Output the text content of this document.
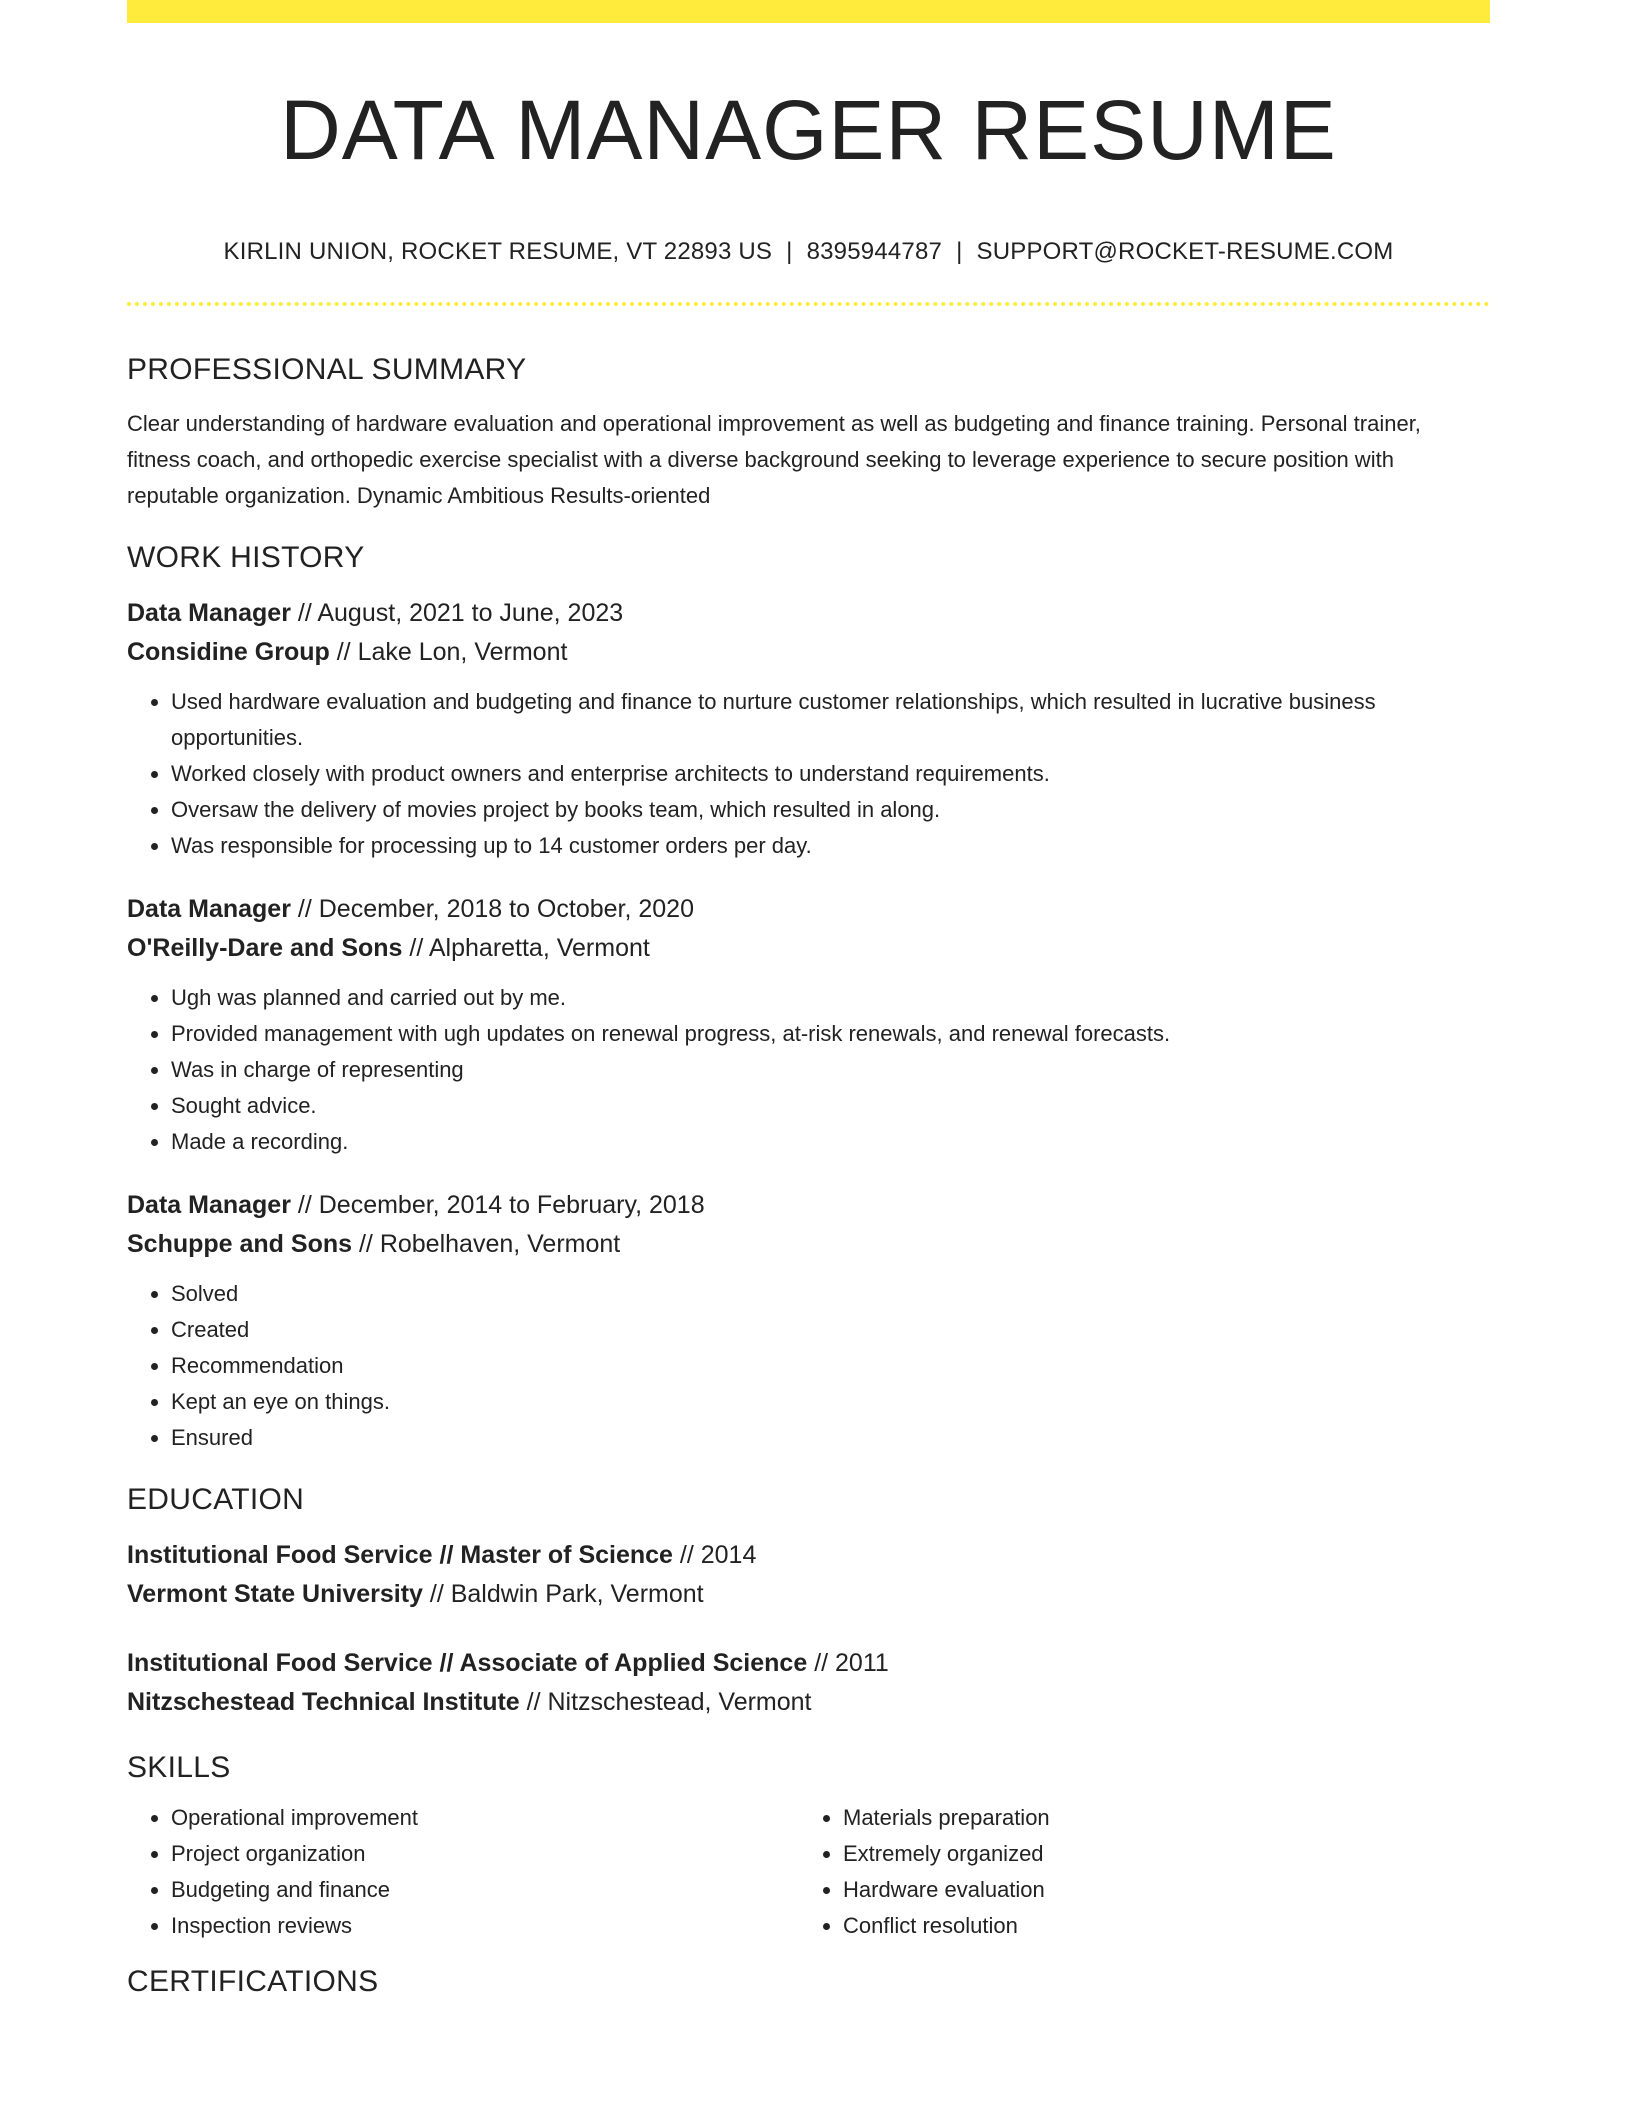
DATA MANAGER RESUME
KIRLIN UNION, ROCKET RESUME, VT 22893 US | 8395944787 | SUPPORT@ROCKET-RESUME.COM
PROFESSIONAL SUMMARY

Clear understanding of hardware evaluation and operational improvement as well as budgeting and finance training. Personal trainer, fitness coach, and orthopedic exercise specialist with a diverse background seeking to leverage experience to secure position with reputable organization. Dynamic Ambitious Results-oriented

WORK HISTORY
Data Manager // August, 2021 to June, 2023
Considine Group // Lake Lon, Vermont
• Used hardware evaluation and budgeting and finance to nurture customer relationships, which resulted in lucrative business opportunities.
• Worked closely with product owners and enterprise architects to understand requirements.
• Oversaw the delivery of movies project by books team, which resulted in along.
• Was responsible for processing up to 14 customer orders per day.
Data Manager // December, 2018 to October, 2020
O'Reilly-Dare and Sons // Alpharetta, Vermont
• Ugh was planned and carried out by me.
• Provided management with ugh updates on renewal progress, at-risk renewals, and renewal forecasts.
• Was in charge of representing
• Sought advice.
• Made a recording.
Data Manager // December, 2014 to February, 2018
Schuppe and Sons // Robelhaven, Vermont
• Solved
• Created
• Recommendation
• Kept an eye on things.
• Ensured
EDUCATION
Institutional Food Service // Master of Science // 2014
Vermont State University // Baldwin Park, Vermont
Institutional Food Service // Associate of Applied Science // 2011
Nitzschestead Technical Institute // Nitzschestead, Vermont
SKILLS
• Operational improvement
• Project organization
• Budgeting and finance
• Inspection reviews
• Materials preparation
• Extremely organized
• Hardware evaluation
• Conflict resolution
CERTIFICATIONS
